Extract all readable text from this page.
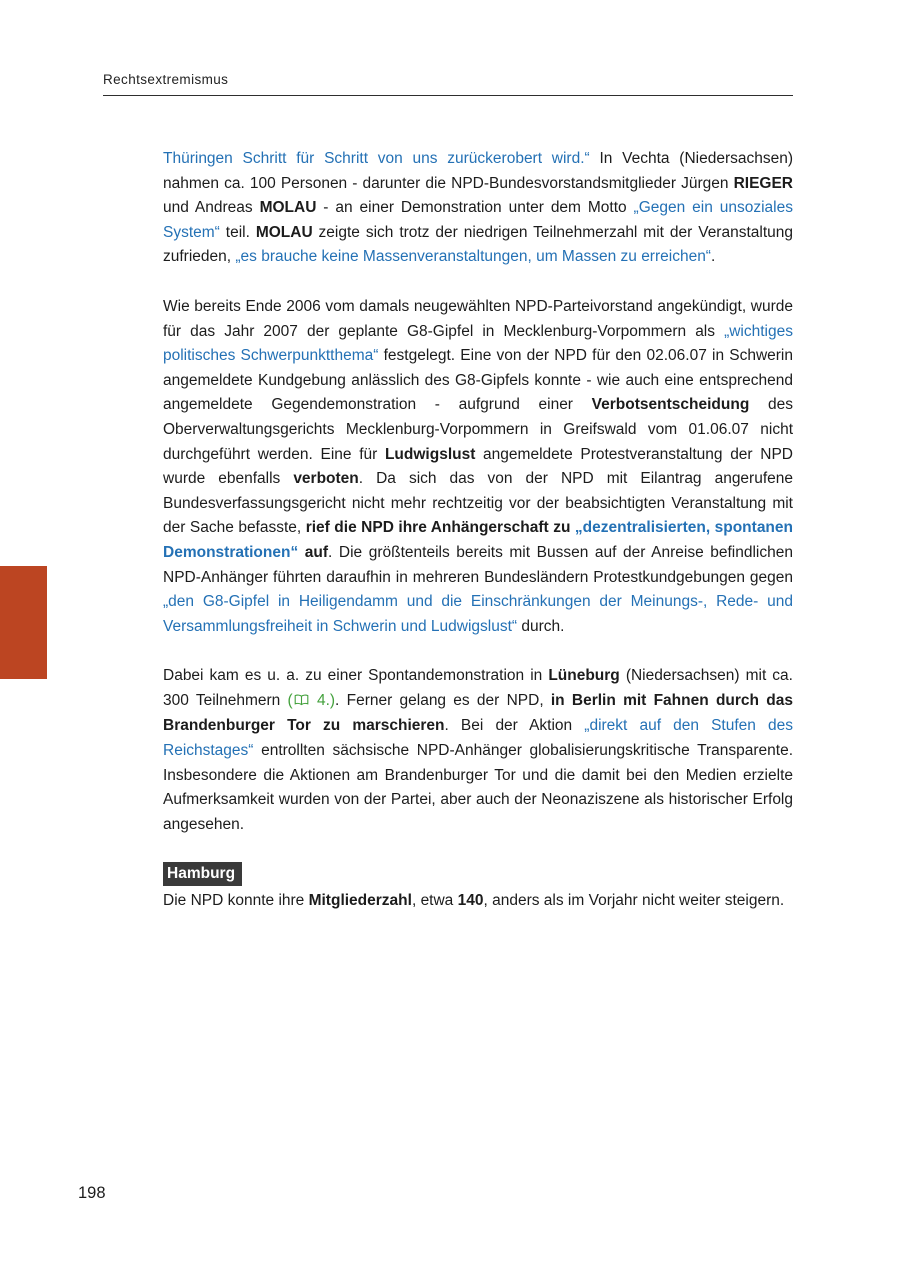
Rechtsextremismus

Thüringen Schritt für Schritt von uns zurückerobert wird.“ In Vechta (Niedersachsen) nahmen ca. 100 Personen - darunter die NPD-Bundesvorstandsmitglieder Jürgen RIEGER und Andreas MOLAU - an einer Demonstration unter dem Motto „Gegen ein unsoziales System“ teil. MOLAU zeigte sich trotz der niedrigen Teilnehmerzahl mit der Veranstaltung zufrieden, „es brauche keine Massenveranstaltungen, um Massen zu erreichen“.

Wie bereits Ende 2006 vom damals neugewählten NPD-Parteivorstand angekündigt, wurde für das Jahr 2007 der geplante G8-Gipfel in Mecklenburg-Vorpommern als „wichtiges politisches Schwerpunktthema“ festgelegt. Eine von der NPD für den 02.06.07 in Schwerin angemeldete Kundgebung anlässlich des G8-Gipfels konnte - wie auch eine entsprechend angemeldete Gegendemonstration - aufgrund einer Verbotsentscheidung des Oberverwaltungsgerichts Mecklenburg-Vorpommern in Greifswald vom 01.06.07 nicht durchgeführt werden. Eine für Ludwigslust angemeldete Protestveranstaltung der NPD wurde ebenfalls verboten. Da sich das von der NPD mit Eilantrag angerufene Bundesverfassungsgericht nicht mehr rechtzeitig vor der beabsichtigten Veranstaltung mit der Sache befasste, rief die NPD ihre Anhängerschaft zu „dezentralisierten, spontanen Demonstrationen“ auf. Die größtenteils bereits mit Bussen auf der Anreise befindlichen NPD-Anhänger führten daraufhin in mehreren Bundesländern Protestkundgebungen gegen „den G8-Gipfel in Heiligendamm und die Einschränkungen der Meinungs-, Rede- und Versammlungsfreiheit in Schwerin und Ludwigslust“ durch.

Dabei kam es u. a. zu einer Spontandemonstration in Lüneburg (Niedersachsen) mit ca. 300 Teilnehmern ( 4.). Ferner gelang es der NPD, in Berlin mit Fahnen durch das Brandenburger Tor zu marschieren. Bei der Aktion „direkt auf den Stufen des Reichstages“ entrollten sächsische NPD-Anhänger globalisierungskritische Transparente. Insbesondere die Aktionen am Brandenburger Tor und die damit bei den Medien erzielte Aufmerksamkeit wurden von der Partei, aber auch der Neonaziszene als historischer Erfolg angesehen.

Hamburg

Die NPD konnte ihre Mitgliederzahl, etwa 140, anders als im Vorjahr nicht weiter steigern.

198
